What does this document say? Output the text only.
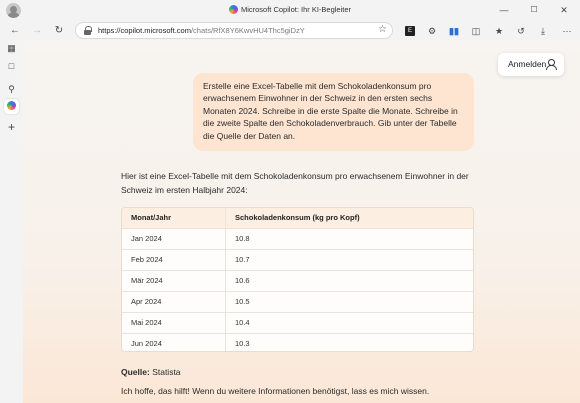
Microsoft Copilot: Ihr KI-Begleiter	—	☐	✕
←	→	↻	https://copilot.microsoft.com/chats/RfX8Y6KwvHU4Thc5giDzY	☆	E	⚙	▮▮	◫	★	↺	⤓	⋯
▦
□
⚲
+
Anmelden
Erstelle eine Excel-Tabelle mit dem Schokoladenkonsum pro erwachsenem Einwohner in der Schweiz in den ersten sechs Monaten 2024. Schreibe in die erste Spalte die Monate. Schreibe in die zweite Spalte den Schokoladenverbrauch. Gib unter der Tabelle die Quelle der Daten an.
Hier ist eine Excel-Tabelle mit dem Schokoladenkonsum pro erwachsenem Einwohner in der Schweiz im ersten Halbjahr 2024:
Monat/Jahr	Schokoladenkonsum (kg pro Kopf)
Jan 2024	10.8
Feb 2024	10.7
Mär 2024	10.6
Apr 2024	10.5
Mai 2024	10.4
Jun 2024	10.3
Quelle: Statista
Ich hoffe, das hilft! Wenn du weitere Informationen benötigst, lass es mich wissen.
